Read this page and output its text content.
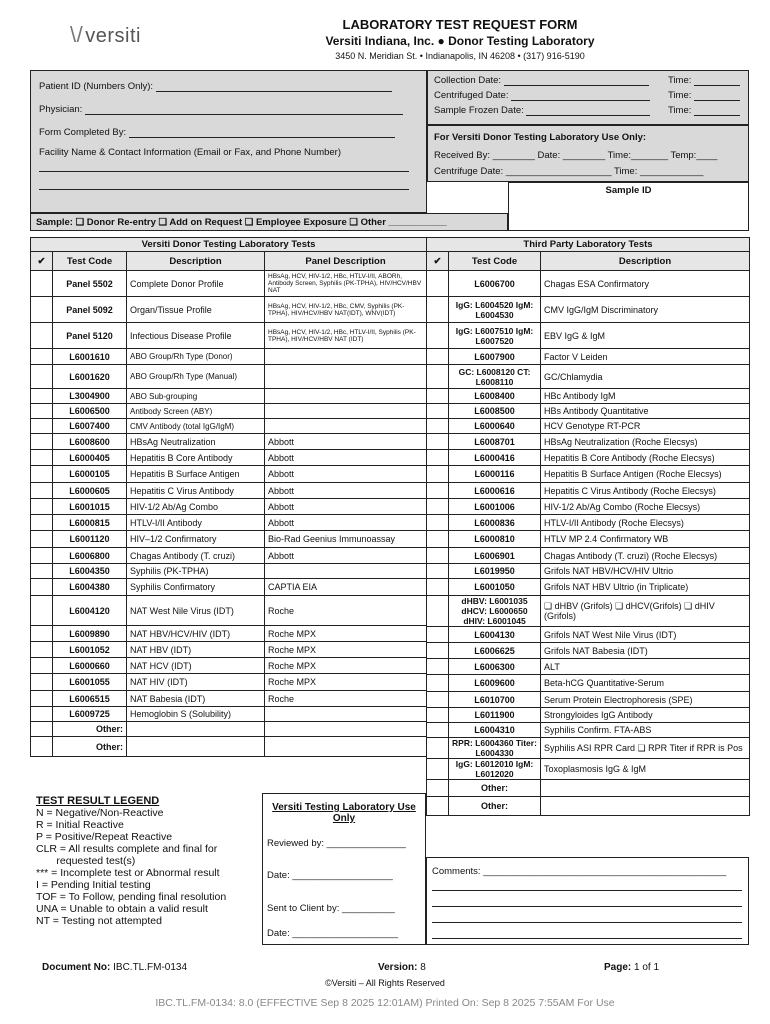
\/ versiti
LABORATORY TEST REQUEST FORM
Versiti Indiana, Inc. ● Donor Testing Laboratory
3450 N. Meridian St. • Indianapolis, IN 46208 • (317) 916-5190
Patient ID (Numbers Only):
Physician:
Form Completed By:
Facility Name & Contact Information (Email or Fax, and Phone Number)
Sample: ❏ Donor Re-entry ❏ Add on Request ❏ Employee Exposure ❏ Other ___________
Collection Date:
Centrifuged Date:
Sample Frozen Date:
Time:
Time:
Time:
For Versiti Donor Testing Laboratory Use Only:
Received By: ________ Date: ________ Time:_______ Temp:____
Centrifuge Date: ____________________ Time: ____________
Sample ID
Versiti Donor Testing Laboratory Tests			
✔	Test Code	Description	Panel Description
	Panel 5502	Complete Donor Profile	HBsAg, HCV, HIV-1/2, HBc, HTLV-I/II, ABORh, Antibody Screen, Syphilis (PK-TPHA), HIV/HCV/HBV NAT
	Panel 5092	Organ/Tissue Profile	HBsAg, HCV, HIV-1/2, HBc, CMV, Syphilis (PK-TPHA), HIV/HCV/HBV NAT(IDT), WNV(IDT)
	Panel 5120	Infectious Disease Profile	HBsAg, HCV, HIV-1/2, HBc, HTLV-I/II, Syphilis (PK-TPHA), HIV/HCV/HBV NAT (IDT)
	L6001610	ABO Group/Rh Type (Donor)	
	L6001620	ABO Group/Rh Type (Manual)	
	L3004900	ABO Sub-grouping	
	L6006500	Antibody Screen (ABY)	
	L6007400	CMV Antibody (total IgG/IgM)	
	L6008600	HBsAg Neutralization	Abbott
	L6000405	Hepatitis B Core Antibody	Abbott
	L6000105	Hepatitis B Surface Antigen	Abbott
	L6000605	Hepatitis C Virus Antibody	Abbott
	L6001015	HIV-1/2 Ab/Ag Combo	Abbott
	L6000815	HTLV-I/II Antibody	Abbott
	L6001120	HIV–1/2 Confirmatory	Bio-Rad Geenius Immunoassay
	L6006800	Chagas Antibody (T. cruzi)	Abbott
	L6004350	Syphilis (PK-TPHA)	
	L6004380	Syphilis Confirmatory	CAPTIA EIA
	L6004120	NAT West Nile Virus (IDT)	Roche
	L6009890	NAT HBV/HCV/HIV (IDT)	Roche MPX
	L6001052	NAT HBV (IDT)	Roche MPX
	L6000660	NAT HCV (IDT)	Roche MPX
	L6001055	NAT HIV (IDT)	Roche MPX
	L6006515	NAT Babesia (IDT)	Roche
	L6009725	Hemoglobin S (Solubility)	
	Other:		
	Other:		
Third Party Laboratory Tests		
✔	Test Code	Description
	L6006700	Chagas ESA Confirmatory
	IgG: L6004520 IgM: L6004530	CMV IgG/IgM Discriminatory
	IgG: L6007510 IgM: L6007520	EBV IgG & IgM
	L6007900	Factor V Leiden
	GC: L6008120 CT: L6008110	GC/Chlamydia
	L6008400	HBc Antibody IgM
	L6008500	HBs Antibody Quantitative
	L6000640	HCV Genotype RT-PCR
	L6008701	HBsAg Neutralization (Roche Elecsys)
	L6000416	Hepatitis B Core Antibody (Roche Elecsys)
	L6000116	Hepatitis B Surface Antigen (Roche Elecsys)
	L6000616	Hepatitis C Virus Antibody (Roche Elecsys)
	L6001006	HIV-1/2 Ab/Ag Combo (Roche Elecsys)
	L6000836	HTLV-I/II Antibody (Roche Elecsys)
	L6000810	HTLV MP 2.4 Confirmatory WB
	L6006901	Chagas Antibody (T. cruzi) (Roche Elecsys)
	L6019950	Grifols NAT HBV/HCV/HIV Ultrio
	L6001050	Grifols NAT HBV Ultrio (in Triplicate)
	dHBV: L6001035 dHCV: L6000650 dHIV: L6001045	❏ dHBV (Grifols) ❏ dHCV(Grifols) ❏ dHIV (Grifols)
	L6004130	Grifols NAT West Nile Virus (IDT)
	L6006625	Grifols NAT Babesia (IDT)
	L6006300	ALT
	L6009600	Beta-hCG Quantitative-Serum
	L6010700	Serum Protein Electrophoresis (SPE)
	L6011900	Strongyloides IgG Antibody
	L6004310	Syphilis Confirm. FTA-ABS
	RPR: L6004360 Titer: L6004330	Syphilis ASI RPR Card ❏ RPR Titer if RPR is Pos
	IgG: L6012010 IgM: L6012020	Toxoplasmosis IgG & IgM
	Other:	
	Other:	
TEST RESULT LEGEND
N = Negative/Non-Reactive
R = Initial Reactive
P = Positive/Repeat Reactive
CLR = All results complete and final for
requested test(s)
*** = Incomplete test or Abnormal result
I = Pending Initial testing
TOF = To Follow, pending final resolution
UNA = Unable to obtain a valid result
NT = Testing not attempted
Versiti Testing Laboratory Use Only
Reviewed by: _______________
Date: ___________________
Sent to Client by: __________
Date: ____________________
Comments: ______________________________________________
Document No: IBC.TL.FM-0134	Version: 8	Page: 1 of 1
©Versiti – All Rights Reserved
IBC.TL.FM-0134: 8.0 (EFFECTIVE Sep 8 2025 12:01AM) Printed On: Sep 8 2025 7:55AM For Use
